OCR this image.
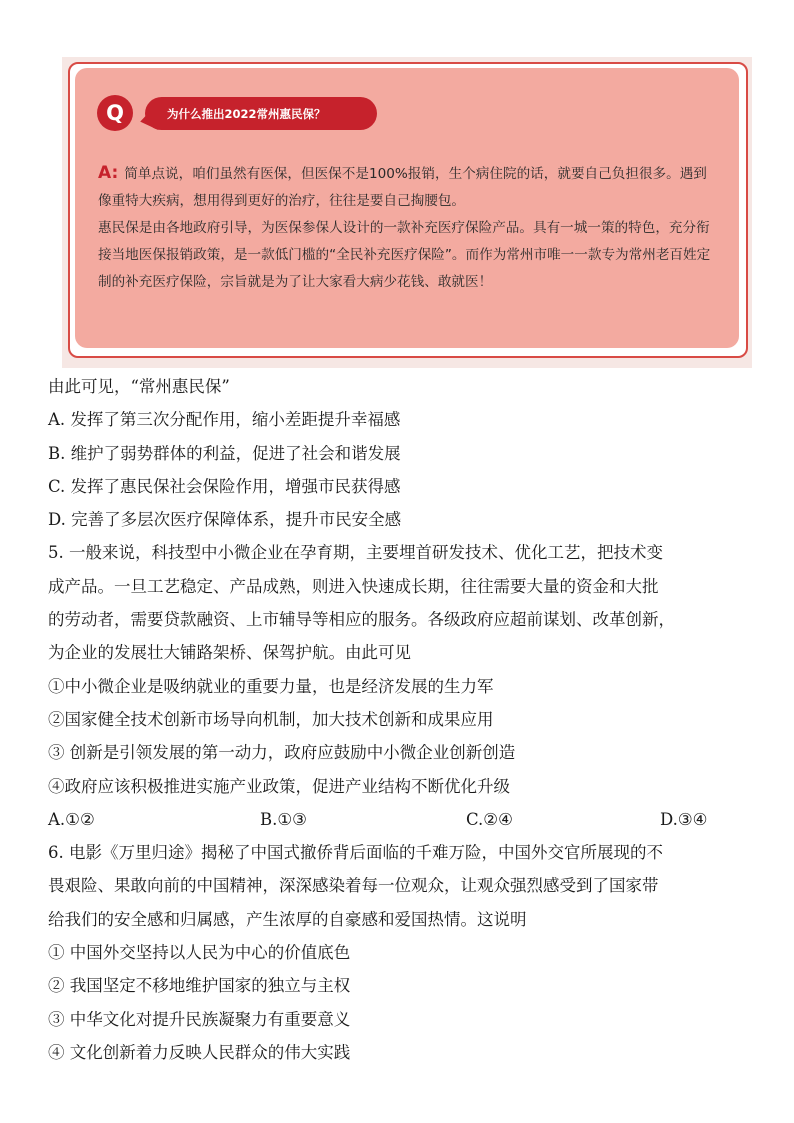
Q	为什么推出2022常州惠民保？

A: 简单点说，咱们虽然有医保，但医保不是100%报销，生个病住院的话，就要自己负担很多。遇到像重特大疾病，想用得到更好的治疗，往往是要自己掏腰包。

惠民保是由各地政府引导，为医保参保人设计的一款补充医疗保险产品。具有一城一策的特色，充分衔接当地医保报销政策，是一款低门槛的“全民补充医疗保险”。而作为常州市唯一一款专为常州老百姓定制的补充医疗保险，宗旨就是为了让大家看大病少花钱、敢就医！

由此可见，“常州惠民保”
A. 发挥了第三次分配作用，缩小差距提升幸福感
B. 维护了弱势群体的利益，促进了社会和谐发展
C. 发挥了惠民保社会保险作用，增强市民获得感
D. 完善了多层次医疗保障体系，提升市民安全感
5. 一般来说，科技型中小微企业在孕育期，主要埋首研发技术、优化工艺，把技术变
成产品。一旦工艺稳定、产品成熟，则进入快速成长期，往往需要大量的资金和大批
的劳动者，需要贷款融资、上市辅导等相应的服务。各级政府应超前谋划、改革创新，
为企业的发展壮大铺路架桥、保驾护航。由此可见
①中小微企业是吸纳就业的重要力量，也是经济发展的生力军
②国家健全技术创新市场导向机制，加大技术创新和成果应用
③ 创新是引领发展的第一动力，政府应鼓励中小微企业创新创造
④政府应该积极推进实施产业政策，促进产业结构不断优化升级
A.①②	B.①③	C.②④	D.③④
6. 电影《万里归途》揭秘了中国式撤侨背后面临的千难万险，中国外交官所展现的不
畏艰险、果敢向前的中国精神，深深感染着每一位观众，让观众强烈感受到了国家带
给我们的安全感和归属感，产生浓厚的自豪感和爱国热情。这说明
① 中国外交坚持以人民为中心的价值底色
② 我国坚定不移地维护国家的独立与主权
③ 中华文化对提升民族凝聚力有重要意义
④ 文化创新着力反映人民群众的伟大实践
